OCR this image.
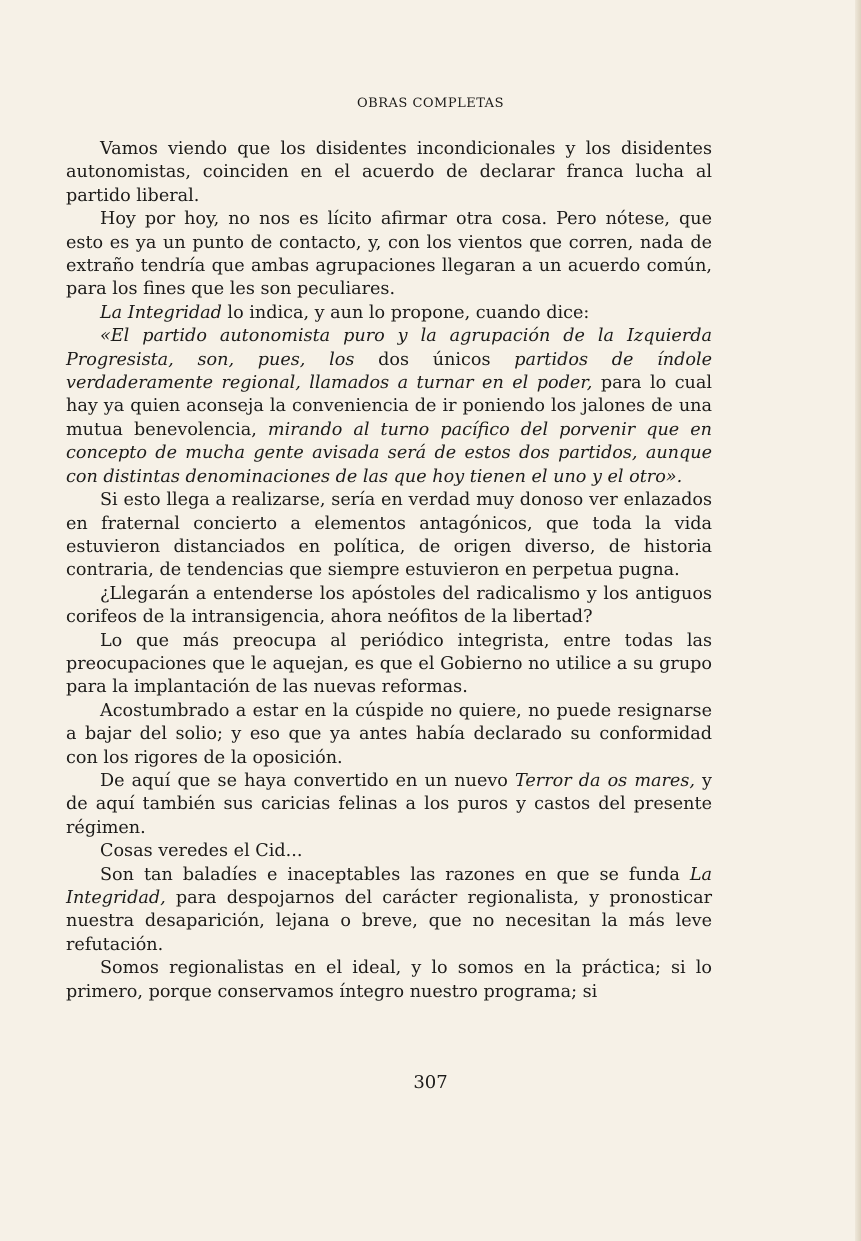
OBRAS COMPLETAS

Vamos viendo que los disidentes incondicionales y los disidentes autonomistas, coinciden en el acuerdo de declarar franca lucha al partido liberal.

Hoy por hoy, no nos es lícito afirmar otra cosa. Pero nótese, que esto es ya un punto de contacto, y, con los vientos que corren, nada de extraño tendría que ambas agrupaciones llegaran a un acuerdo común, para los fines que les son peculiares.

La Integridad lo indica, y aun lo propone, cuando dice:

«El partido autonomista puro y la agrupación de la Izquierda Progresista, son, pues, los dos únicos partidos de índole verdaderamente regional, llamados a turnar en el poder, para lo cual hay ya quien aconseja la conveniencia de ir poniendo los jalones de una mutua benevolencia, mirando al turno pacífico del porvenir que en concepto de mucha gente avisada será de estos dos partidos, aunque con distintas denominaciones de las que hoy tienen el uno y el otro».

Si esto llega a realizarse, sería en verdad muy donoso ver enlazados en fraternal concierto a elementos antagónicos, que toda la vida estuvieron distanciados en política, de origen diverso, de historia contraria, de tendencias que siempre estuvieron en perpetua pugna.

¿Llegarán a entenderse los apóstoles del radicalismo y los antiguos corifeos de la intransigencia, ahora neófitos de la libertad?

Lo que más preocupa al periódico integrista, entre todas las preocupaciones que le aquejan, es que el Gobierno no utilice a su grupo para la implantación de las nuevas reformas.

Acostumbrado a estar en la cúspide no quiere, no puede resignarse a bajar del solio; y eso que ya antes había declarado su conformidad con los rigores de la oposición.

De aquí que se haya convertido en un nuevo Terror da os mares, y de aquí también sus caricias felinas a los puros y castos del presente régimen.

Cosas veredes el Cid...

Son tan baladíes e inaceptables las razones en que se funda La Integridad, para despojarnos del carácter regionalista, y pronosticar nuestra desaparición, lejana o breve, que no necesitan la más leve refutación.

Somos regionalistas en el ideal, y lo somos en la práctica; si lo primero, porque conservamos íntegro nuestro programa; si

307
